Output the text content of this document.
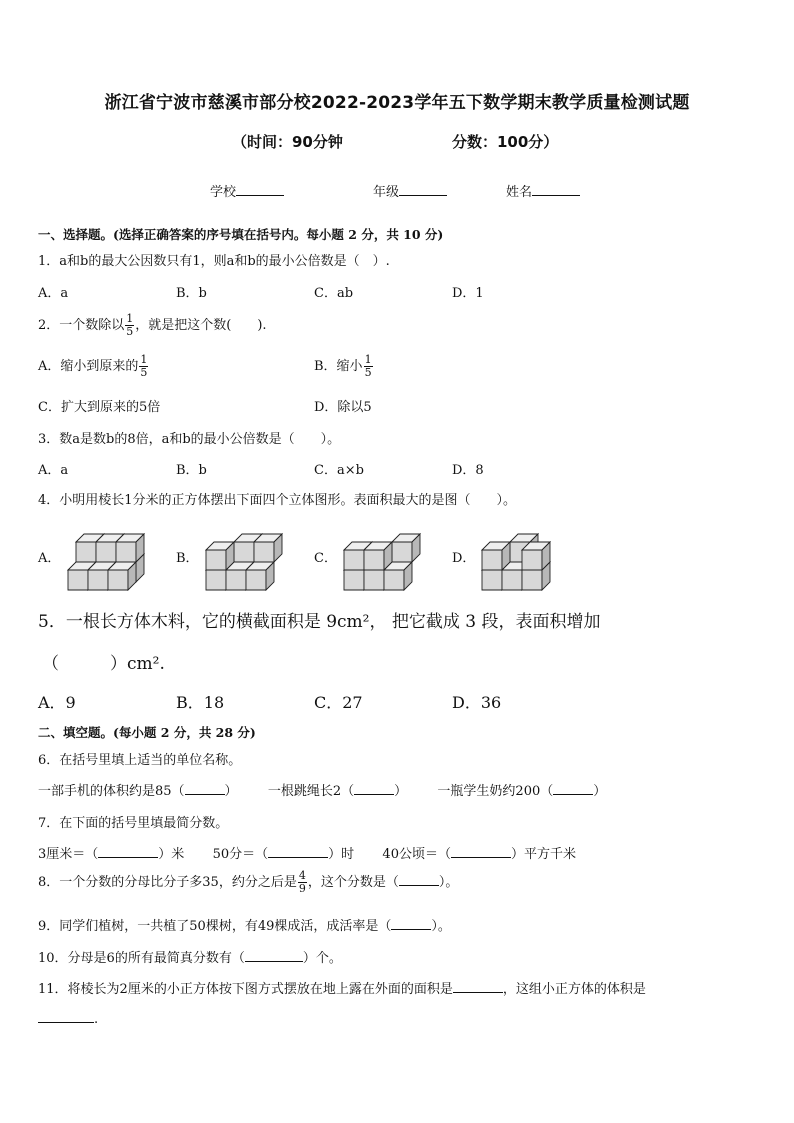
浙江省宁波市慈溪市部分校2022-2023学年五下数学期末教学质量检测试题
（时间：90分钟	分数：100分）
学校	年级	姓名
一、选择题。(选择正确答案的序号填在括号内。每小题 2 分，共 10 分)
1．a和b的最大公因数只有1，则a和b的最小公倍数是（　）.
A．a	B．b	C．ab	D．1
2．一个数除以 $\frac{1}{5}$ ，就是把这个数(　　).
A．缩小到原来的 $\frac{1}{5}$	B．缩小 $\frac{1}{5}$
C．扩大到原来的5倍	D．除以5
3．数a是数b的8倍，a和b的最小公倍数是（　　）。
A．a	B．b	C．a×b	D．8
4．小明用棱长1分米的正方体摆出下面四个立体图形。表面积最大的是图（　　）。
A．	B．	C．	D．
5．一根长方体木料，它的横截面积是 9cm²， 把它截成 3 段，表面积增加
（　　　）cm².
A．9	B．18	C．27	D．36
二、填空题。(每小题 2 分，共 28 分)
6．在括号里填上适当的单位名称。
一部手机的体积约是85（	） 一根跳绳长2（	） 一瓶学生奶约200（	）
7．在下面的括号里填最简分数。
3厘米＝（	）米 50分＝（	）时 40公顷＝（	）平方千米
8．一个分数的分母比分子多35，约分之后是 $\frac{4}{9}$ ，这个分数是（	）。
9．同学们植树，一共植了50棵树，有49棵成活，成活率是（	）。
10．分母是6的所有最简真分数有（	）个。
11．将棱长为2厘米的小正方体按下图方式摆放在地上露在外面的面积是	，这组小正方体的体积是
.
